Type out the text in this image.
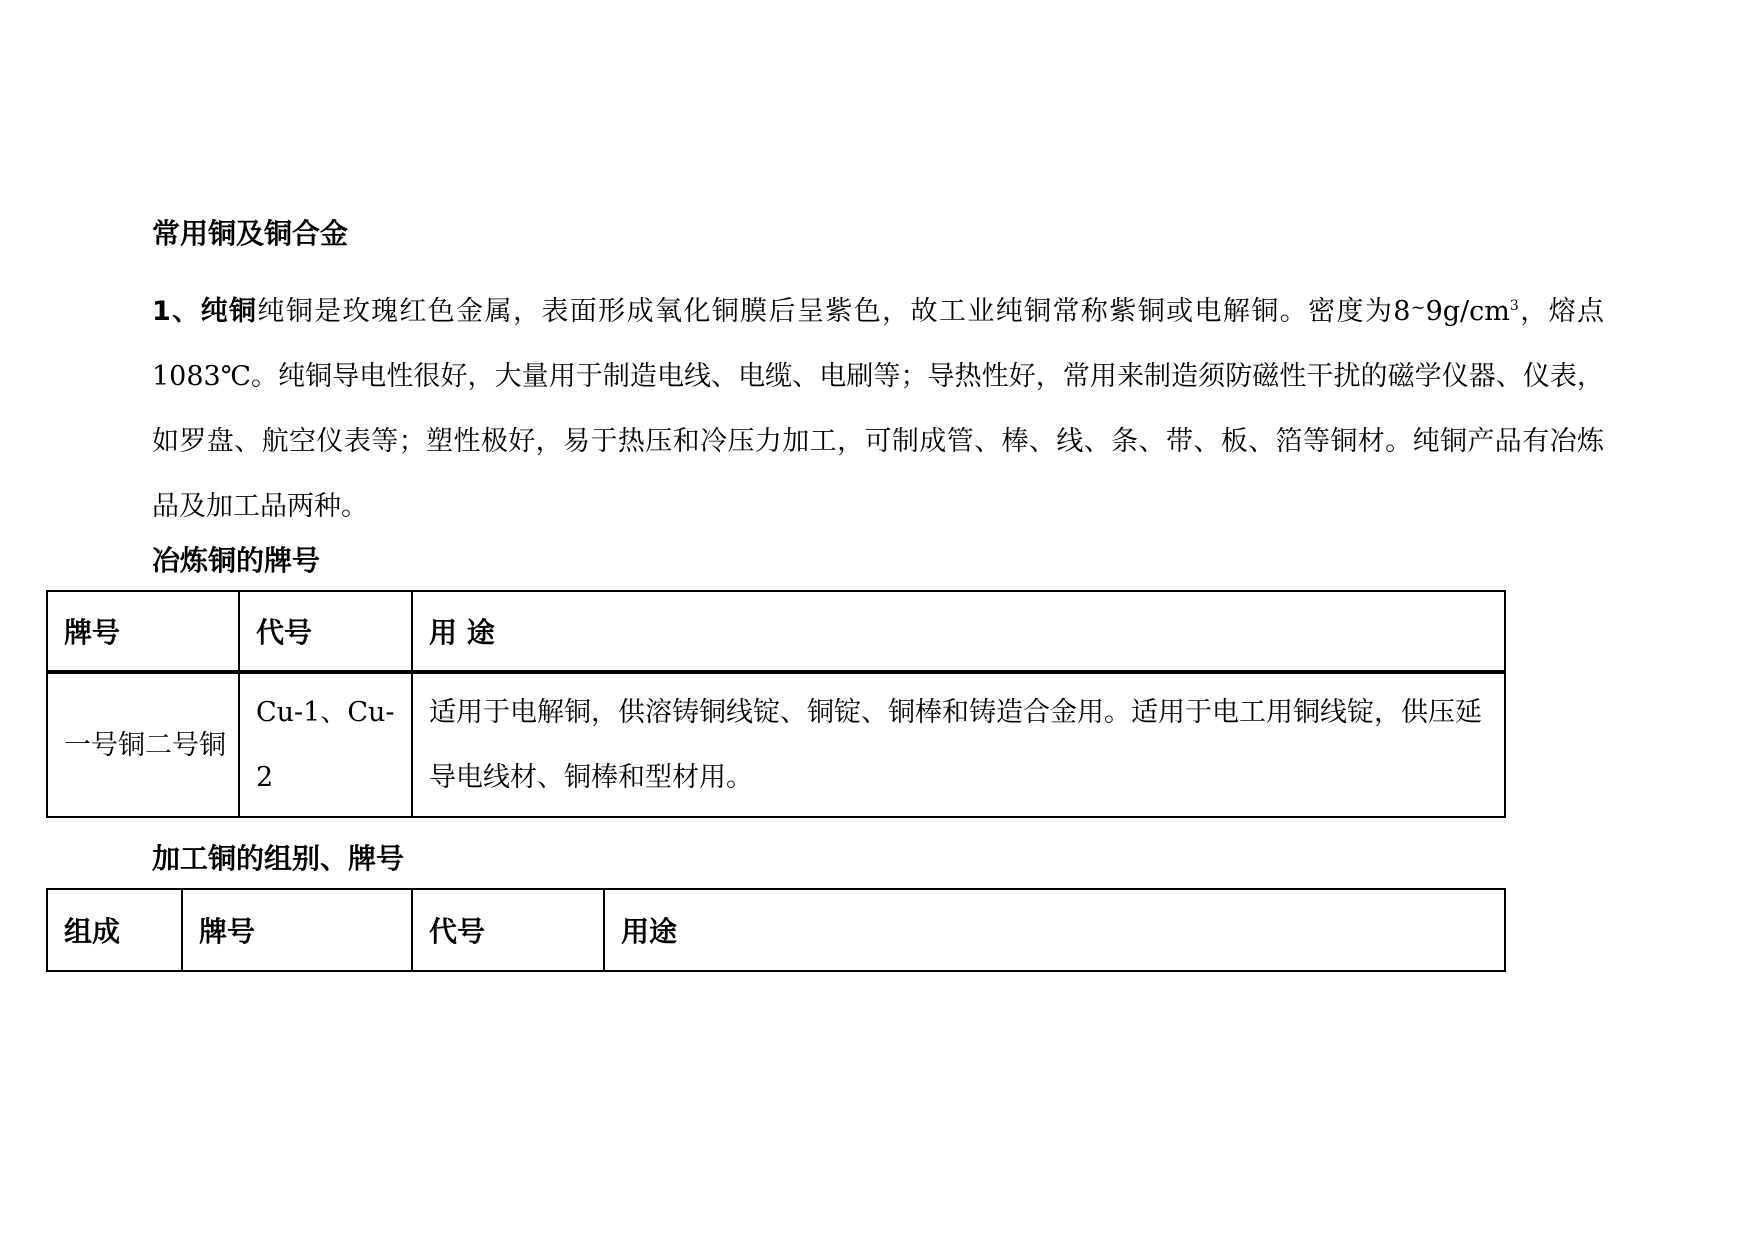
常用铜及铜合金
1、纯铜纯铜是玫瑰红色金属，表面形成氧化铜膜后呈紫色，故工业纯铜常称紫铜或电解铜。密度为$8^\sim 9g/cm^3$，熔点1083℃。纯铜导电性很好，大量用于制造电线、电缆、电刷等；导热性好，常用来制造须防磁性干扰的磁学仪器、仪表，如罗盘、航空仪表等；塑性极好，易于热压和冷压力加工，可制成管、棒、线、条、带、板、箔等铜材。纯铜产品有冶炼品及加工品两种。
冶炼铜的牌号
牌号	代号	用 途
一号铜二号铜	Cu-1、Cu-2	适用于电解铜，供溶铸铜线锭、铜锭、铜棒和铸造合金用。适用于电工用铜线锭，供压延导电线材、铜棒和型材用。
加工铜的组别、牌号
组成	牌号	代号	用途
